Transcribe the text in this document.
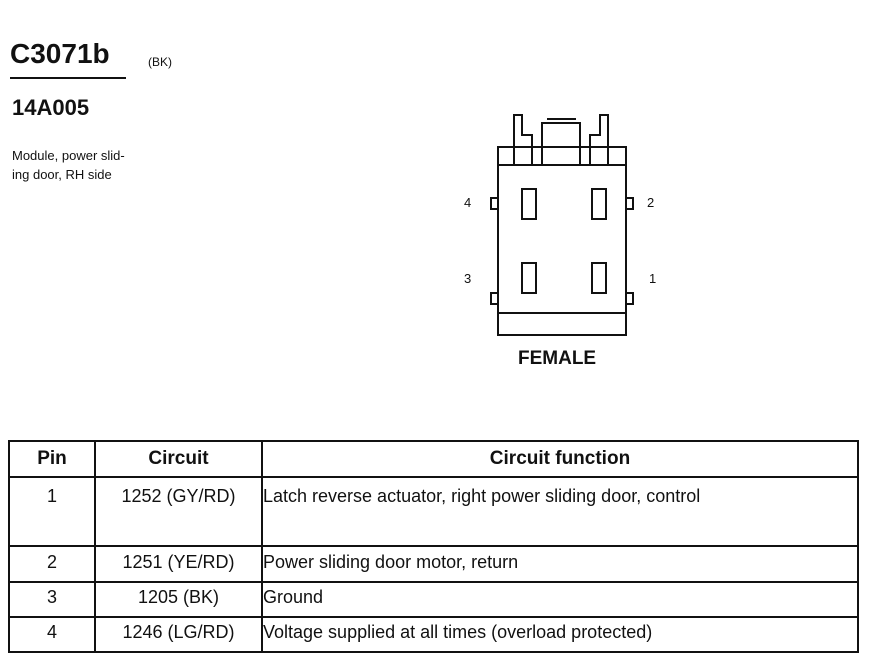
C3071b	(BK)
14A005
Module, power slid-
ing door, RH side
4	2
3	1
FEMALE
Pin	Circuit	Circuit function
1	1252 (GY/RD)	Latch reverse actuator, right power sliding door, control
2	1251 (YE/RD)	Power sliding door motor, return
3	1205 (BK)	Ground
4	1246 (LG/RD)	Voltage supplied at all times (overload protected)
